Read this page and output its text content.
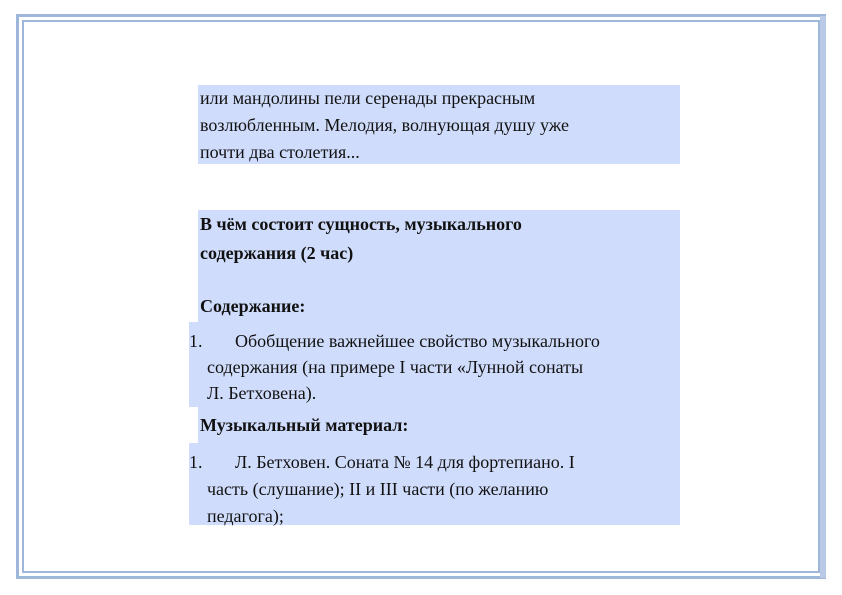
или мандолины пели серенады прекрасным
возлюбленным. Мелодия, волнующая душу уже
почти два столетия...
В чём состоит сущность, музыкального
содержания (2 час)
Содержание:
1.	Обобщение важнейшее свойство музыкального
содержания (на примере I части «Лунной сонаты
Л. Бетховена).
Музыкальный материал:
1.	Л. Бетховен. Соната № 14 для фортепиано. I
часть (слушание); II и III части (по желанию
педагога);
